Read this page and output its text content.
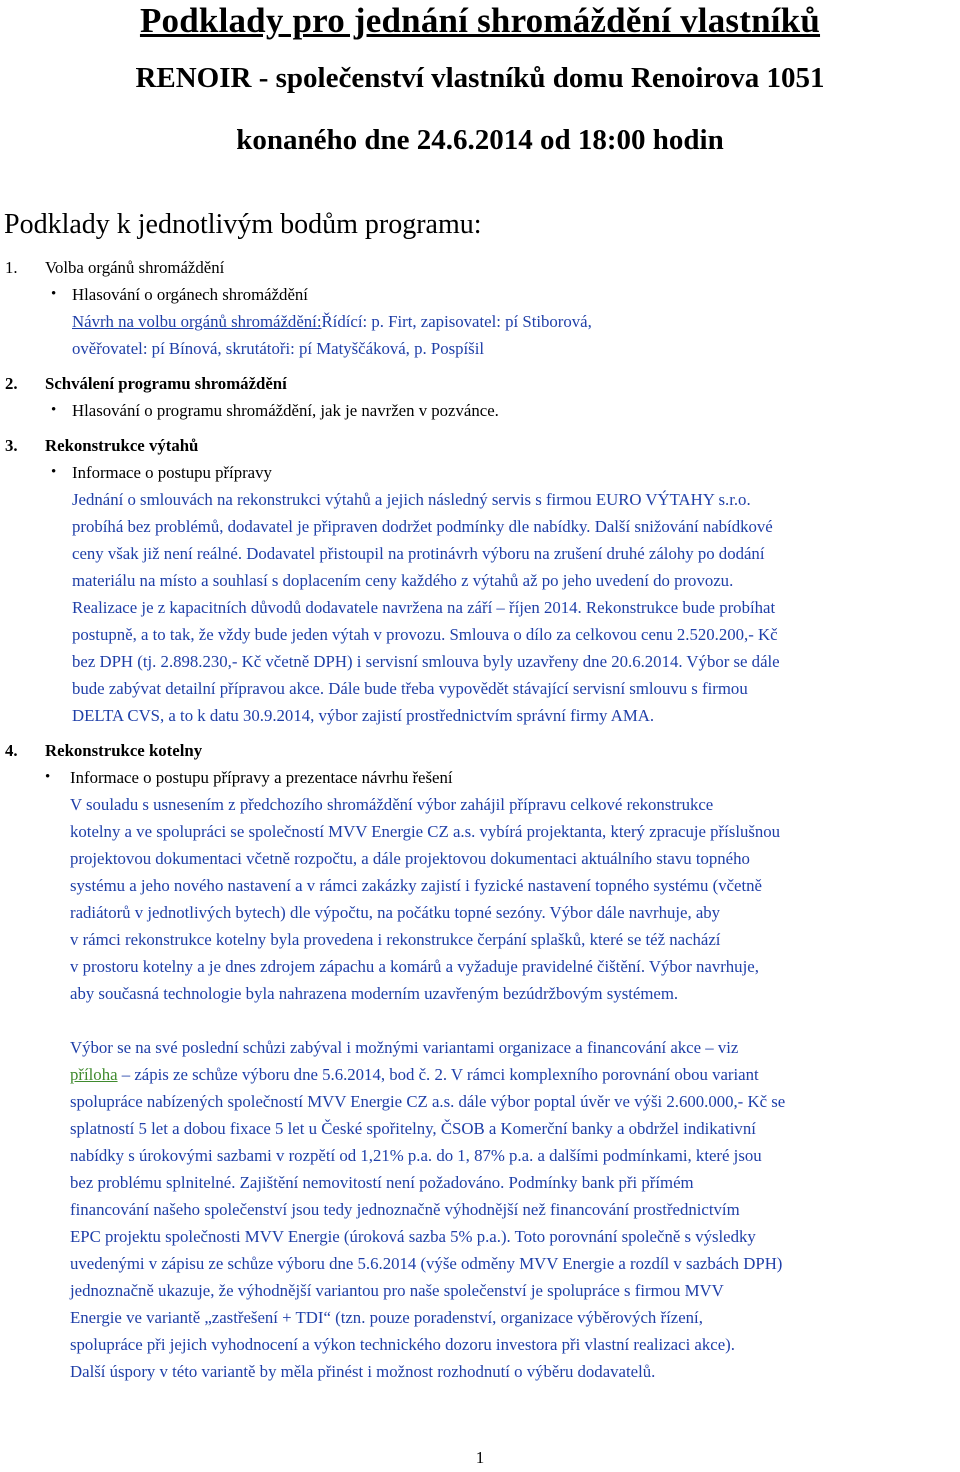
Podklady pro jednání shromáždění vlastníků
RENOIR - společenství vlastníků domu Renoirova 1051
konaného dne 24.6.2014 od 18:00 hodin
Podklady k jednotlivým bodům programu:
1. Volba orgánů shromáždění
• Hlasování o orgánech shromáždění
Návrh na volbu orgánů shromáždění:Řídící: p. Firt, zapisovatel: pí Stiborová,
ověřovatel: pí Bínová, skrutátoři: pí Matyščáková, p. Pospíšil
2. Schválení programu shromáždění
• Hlasování o programu shromáždění, jak je navržen v pozvánce.
3. Rekonstrukce výtahů
• Informace o postupu přípravy
Jednání o smlouvách na rekonstrukci výtahů a jejich následný servis s firmou EURO VÝTAHY s.r.o.
probíhá bez problémů, dodavatel je připraven dodržet podmínky dle nabídky. Další snižování nabídkové
ceny však již není reálné. Dodavatel přistoupil na protinávrh výboru na zrušení druhé zálohy po dodání
materiálu na místo a souhlasí s doplacením ceny každého z výtahů až po jeho uvedení do provozu.
Realizace je z kapacitních důvodů dodavatele navržena na září – říjen 2014. Rekonstrukce bude probíhat
postupně, a to tak, že vždy bude jeden výtah v provozu. Smlouva o dílo za celkovou cenu 2.520.200,- Kč
bez DPH (tj. 2.898.230,- Kč včetně DPH) i servisní smlouva byly uzavřeny dne 20.6.2014. Výbor se dále
bude zabývat detailní přípravou akce. Dále bude třeba vypovědět stávající servisní smlouvu s firmou
DELTA CVS, a to k datu 30.9.2014, výbor zajistí prostřednictvím správní firmy AMA.
4. Rekonstrukce kotelny
• Informace o postupu přípravy a prezentace návrhu řešení
V souladu s usnesením z předchozího shromáždění výbor zahájil přípravu celkové rekonstrukce
kotelny a ve spolupráci se společností MVV Energie CZ a.s. vybírá projektanta, který zpracuje příslušnou
projektovou dokumentaci včetně rozpočtu, a dále projektovou dokumentaci aktuálního stavu topného
systému a jeho nového nastavení a v rámci zakázky zajistí i fyzické nastavení topného systému (včetně
radiátorů v jednotlivých bytech) dle výpočtu, na počátku topné sezóny. Výbor dále navrhuje, aby
v rámci rekonstrukce kotelny byla provedena i rekonstrukce čerpání splašků, které se též nachází
v prostoru kotelny a je dnes zdrojem zápachu a komárů a vyžaduje pravidelné čištění. Výbor navrhuje,
aby současná technologie byla nahrazena moderním uzavřeným bezúdržbovým systémem.
Výbor se na své poslední schůzi zabýval i možnými variantami organizace a financování akce – viz
příloha – zápis ze schůze výboru dne 5.6.2014, bod č. 2. V rámci komplexního porovnání obou variant
spolupráce nabízených společností MVV Energie CZ a.s. dále výbor poptal úvěr ve výši 2.600.000,- Kč se
splatností 5 let a dobou fixace 5 let u České spořitelny, ČSOB a Komerční banky a obdržel indikativní
nabídky s úrokovými sazbami v rozpětí od 1,21% p.a. do 1, 87% p.a. a dalšími podmínkami, které jsou
bez problému splnitelné. Zajištění nemovitostí není požadováno. Podmínky bank při přímém
financování našeho společenství jsou tedy jednoznačně výhodnější než financování prostřednictvím
EPC projektu společnosti MVV Energie (úroková sazba 5% p.a.). Toto porovnání společně s výsledky
uvedenými v zápisu ze schůze výboru dne 5.6.2014 (výše odměny MVV Energie a rozdíl v sazbách DPH)
jednoznačně ukazuje, že výhodnější variantou pro naše společenství je spolupráce s firmou MVV
Energie ve variantě „zastřešení + TDI“ (tzn. pouze poradenství, organizace výběrových řízení,
spolupráce při jejich vyhodnocení a výkon technického dozoru investora při vlastní realizaci akce).
Další úspory v této variantě by měla přinést i možnost rozhodnutí o výběru dodavatelů.
1
